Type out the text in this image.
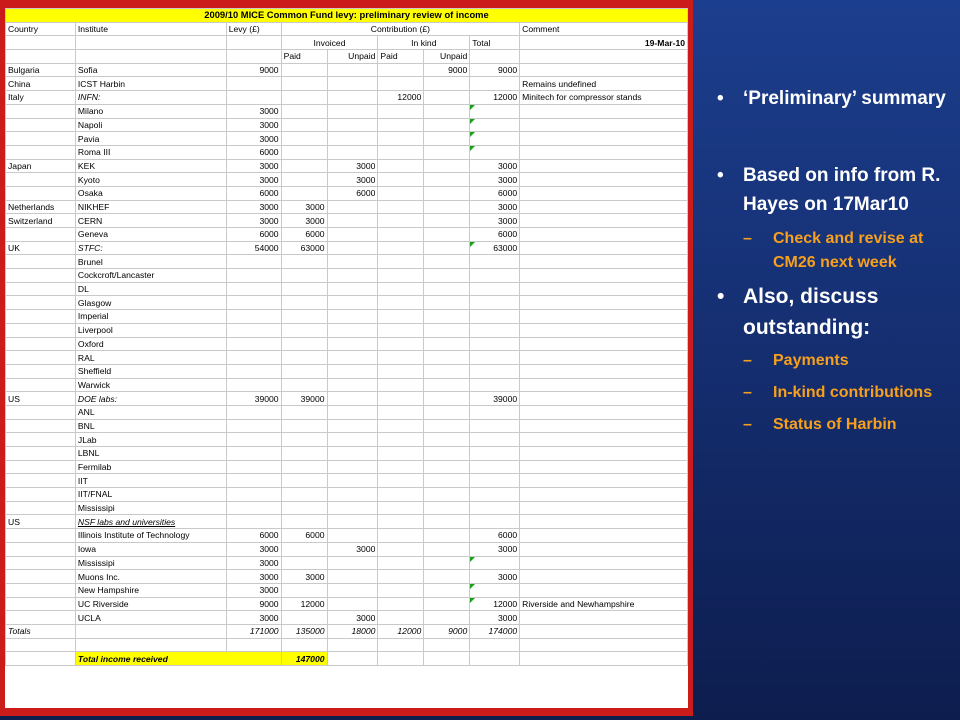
2009/10 MICE Common Fund levy: preliminary review of income								
Country	Institute	Levy (£)	Contribution (£)					Comment
			Invoiced		In kind		Total	19-Mar-10
			Paid	Unpaid	Paid	Unpaid		
Bulgaria	Sofia	9000				9000	9000	
China	ICST Harbin							Remains undefined
Italy	INFN:				12000		12000	Minitech for compressor stands
	Milano	3000						
	Napoli	3000						
	Pavia	3000						
	Roma III	6000						
Japan	KEK	3000		3000			3000	
	Kyoto	3000		3000			3000	
	Osaka	6000		6000			6000	
Netherlands	NIKHEF	3000	3000				3000	
Switzerland	CERN	3000	3000				3000	
	Geneva	6000	6000				6000	
UK	STFC:	54000	63000				63000	
	Brunel							
	Cockcroft/Lancaster							
	DL							
	Glasgow							
	Imperial							
	Liverpool							
	Oxford							
	RAL							
	Sheffield							
	Warwick							
US	DOE labs:	39000	39000				39000	
	ANL							
	BNL							
	JLab							
	LBNL							
	Fermilab							
	IIT							
	IIT/FNAL							
	Mississipi							
US	NSF labs and universities							
	Illinois Institute of Technology	6000	6000				6000	
	Iowa	3000		3000			3000	
	Mississipi	3000						
	Muons Inc.	3000	3000				3000	
	New Hampshire	3000						
	UC Riverside	9000	12000				12000	Riverside and Newhampshire
	UCLA	3000		3000			3000	
Totals		171000	135000	18000	12000	9000	174000	

	Total income received		147000					
• ‘Preliminary’ summary
• Based on info from R. Hayes on 17Mar10
– Check and revise at CM26 next week
• Also, discuss outstanding:
– Payments
– In-kind contributions
– Status of Harbin
